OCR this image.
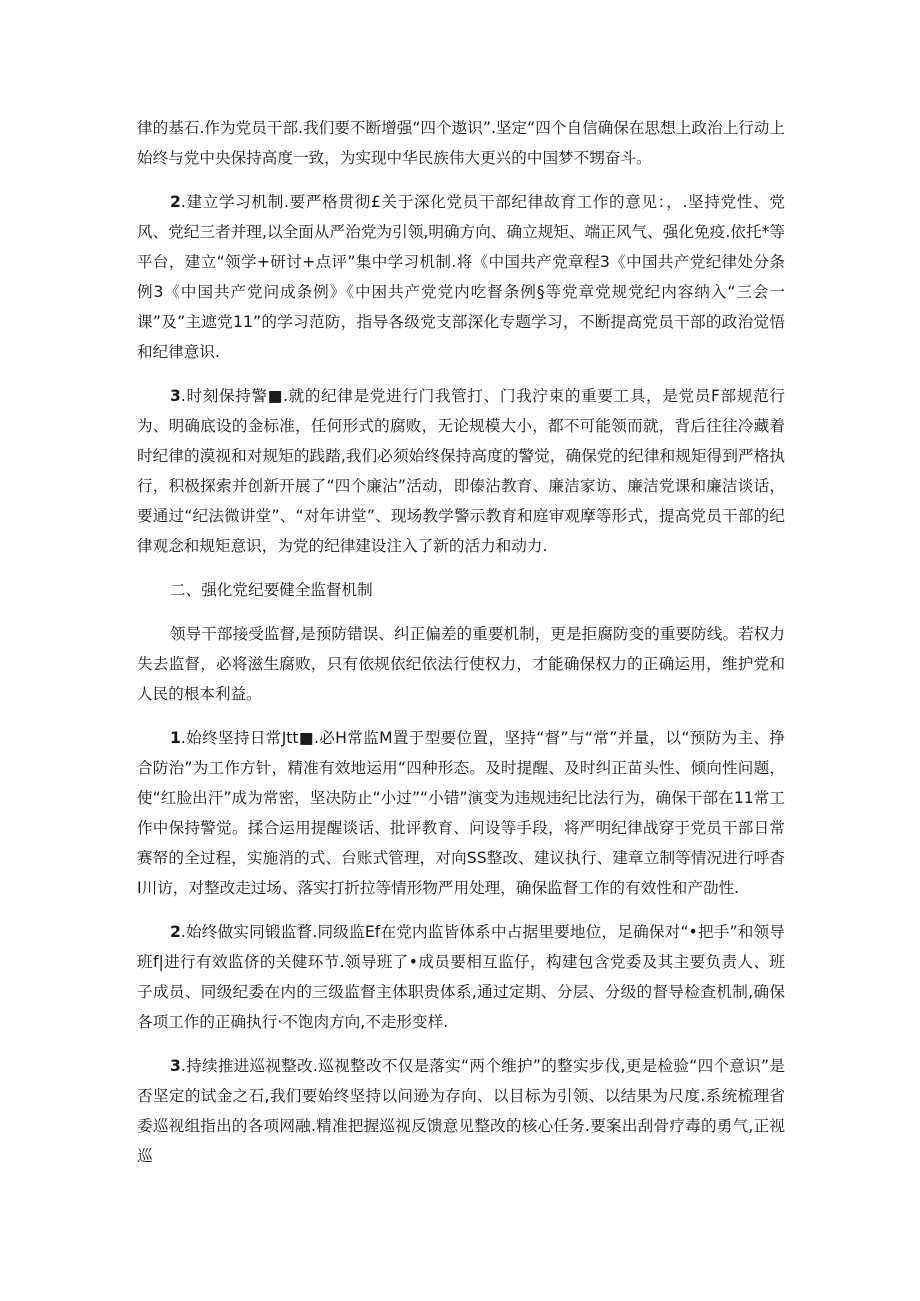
律的基石.作为党员干部.我们要不断增强“四个遨识”.坚定“四个自信确保在思想上政治上行动上始终与党中央保持高度一致，为实现中华民族伟大更兴的中国梦不甥奋斗。

2.建立学习机制.要严格贯彻£关于深化党员干部纪律故育工作的意见：，.坚持党性、党风、党纪三者并理,以全面从严治党为引领,明确方向、确立规矩、端正风气、强化免疫.依托*等平台，建立“领学+研讨+点评”集中学习机制.将《中国共产党章程3《中国共产党纪律处分条例3《中国共产党问成条例》《中困共产党党内吃督条例§等党章党规党纪内容纳入“三会一课”及”主遮党11”的学习范防，指导各级党支部深化专题学习，不断提高党员干部的政治觉悟和纪律意识.

3.时刻保持警■.就的纪律是党进行门我管打、门我泞束的重要工具，是党员F部规范行为、明确底设的金标准，任何形式的腐败，无论规模大小，都不可能领而就，背后往往冷藏着时纪律的漠视和对规矩的践踏,我们必须始终保持高度的警觉，确保党的纪律和规矩得到严格执行，积极探索并创新开展了“四个廉沾”活动，即傣沾教育、廉洁家访、廉洁党课和廉洁谈话，要通过“纪法微讲堂”、“对年讲堂”、现场教学警示教育和庭审观摩等形式，提高党员干部的纪律观念和规矩意识，为党的纪律建设注入了新的活力和动力.

二、强化党纪要健全监督机制

领导干部接受监督,是预防错误、纠正偏差的重要机制，更是拒腐防变的重要防线。若权力失去监督，必将滋生腐败，只有依规依纪依法行使权力，才能确保权力的正确运用，维护党和人民的根本利益。

1.始终坚持日常Jtt■.必H常监M置于型要位置，坚持“督”与“常”并量，以“预防为主、挣合防治”为工作方针，精准有效地运用“四种形态。及时提醒、及时纠正苗头性、倾向性问题，使“红脸出汗”成为常密，坚决防止“小过”“小错”演变为违规违纪比法行为，确保干部在11常工作中保持警觉。揉合运用提醒谈话、批评教育、问设等手段，将严明纪律战穿于党员干部日常赛帑的全过程，实施消的式、台账式管理，对向SS整改、建议执行、建章立制等情况进行呼杳I川访，对整改走过场、落实打折拉等情形物严用处理，确保监督工作的有效性和产劭性.

2.始终做实同锻监瞀.同级监Ef在党内监皆体系中占据里要地位，足确保对“•把手”和领导班f|进行有效监侪的关健环节.领导班了•成员要相互监仔，构建包含党委及其主要负责人、班子成员、同级纪委在内的三级监督主体职贵体系,通过定期、分层、分级的督导检查机制,确保各项工作的正确执行·不饱肉方向,不走形变样.

3.持续推进巡视整改.巡视整改不仅是落实“两个维护”的整实步伐,更是检验“四个意识”是否坚定的试金之石,我们要始终坚持以问逊为存向、以目标为引领、以结果为尺度.系统梳理省委巡视组指出的各项网融.精准把握巡视反馈意见整改的核心任务.要案出刮骨疗毒的勇气,正视巡
